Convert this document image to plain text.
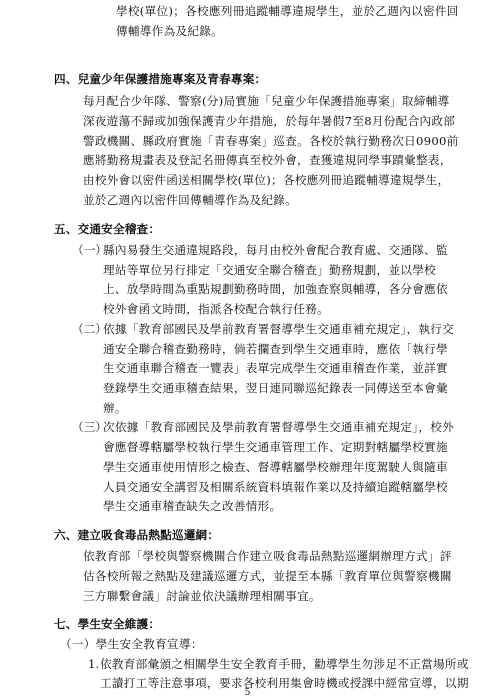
學校(單位)；各校應列冊追蹤輔導違規學生，並於乙週內以密件回
傳輔導作為及紀錄。
四、兒童少年保護措施專案及青春專案：
每月配合少年隊、警察(分)局實施「兒童少年保護措施專案」取締輔導
深夜遊蕩不歸或加強保護青少年措施，於每年暑假7至8月份配合內政部
警政機關、縣政府實施「青春專案」巡查。各校於執行勤務次日0900前
應將勤務規畫表及登記名冊傳真至校外會，查獲違規同學事蹟彙整表，
由校外會以密件函送相關學校(單位)；各校應列冊追蹤輔導違規學生，
並於乙週內以密件回傳輔導作為及紀錄。
五、交通安全稽查：
（一）
縣內易發生交通違規路段，每月由校外會配合教育處、交通隊、監
理站等單位另行排定「交通安全聯合稽查」勤務規劃，並以學校
上、放學時間為重點規劃勤務時間，加強查察與輔導，各分會應依
校外會函文時間，指派各校配合執行任務。
（二）
依據「教育部國民及學前教育署督導學生交通車補充規定」，執行交
通安全聯合稽查勤務時，倘若攔查到學生交通車時，應依「執行學
生交通車聯合稽查一覽表」表單完成學生交通車稽查作業，並詳實
登錄學生交通車稽查結果，翌日連同聯巡紀錄表一同傳送至本會彙
辦。
（三）
次依據「教育部國民及學前教育署督導學生交通車補充規定」，校外
會應督導轄屬學校執行學生交通車管理工作、定期對轄屬學校實施
學生交通車使用情形之檢查、督導轄屬學校辦理年度駕駛人與隨車
人員交通安全講習及相關系統資料填報作業以及持續追蹤轄屬學校
學生交通車稽查缺失之改善情形。
六、建立吸食毒品熱點巡邏網：
依教育部「學校與警察機關合作建立吸食毒品熱點巡邏網辦理方式」評
估各校所報之熱點及建議巡邏方式，並提至本縣「教育單位與警察機關
三方聯繫會議」討論並依決議辦理相關事宜。
七、學生安全維護：
（一）學生安全教育宣導：
1. 依教育部彙頒之相關學生安全教育手冊，勸導學生勿涉足不正當場所或
工讀打工等注意事項，要求各校利用集會時機或授課中經常宣導，以期
5
